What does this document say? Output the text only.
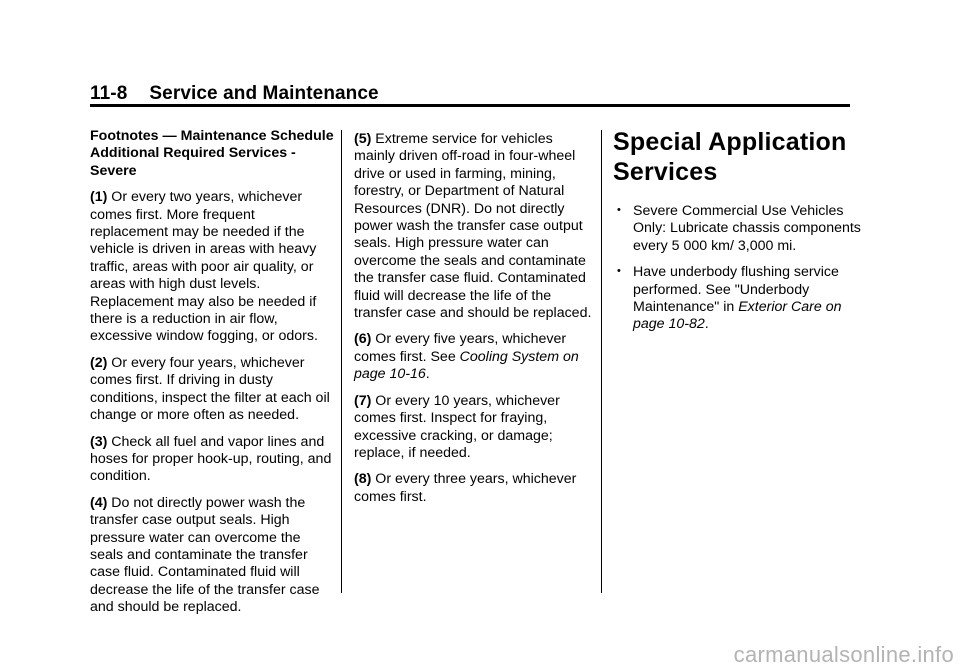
11-8 Service and Maintenance

Footnotes — Maintenance Schedule Additional Required Services - Severe

(1) Or every two years, whichever comes first. More frequent replacement may be needed if the vehicle is driven in areas with heavy traffic, areas with poor air quality, or areas with high dust levels. Replacement may also be needed if there is a reduction in air flow, excessive window fogging, or odors.

(2) Or every four years, whichever comes first. If driving in dusty conditions, inspect the filter at each oil change or more often as needed.

(3) Check all fuel and vapor lines and hoses for proper hook-up, routing, and condition.

(4) Do not directly power wash the transfer case output seals. High pressure water can overcome the seals and contaminate the transfer case fluid. Contaminated fluid will decrease the life of the transfer case and should be replaced.

(5) Extreme service for vehicles mainly driven off-road in four-wheel drive or used in farming, mining, forestry, or Department of Natural Resources (DNR). Do not directly power wash the transfer case output seals. High pressure water can overcome the seals and contaminate the transfer case fluid. Contaminated fluid will decrease the life of the transfer case and should be replaced.

(6) Or every five years, whichever comes first. See Cooling System on page 10-16.

(7) Or every 10 years, whichever comes first. Inspect for fraying, excessive cracking, or damage; replace, if needed.

(8) Or every three years, whichever comes first.

Special Application Services
• Severe Commercial Use Vehicles Only: Lubricate chassis components every 5 000 km/ 3,000 mi.
• Have underbody flushing service performed. See "Underbody Maintenance" in Exterior Care on page 10-82.
carmanualsonline.info
